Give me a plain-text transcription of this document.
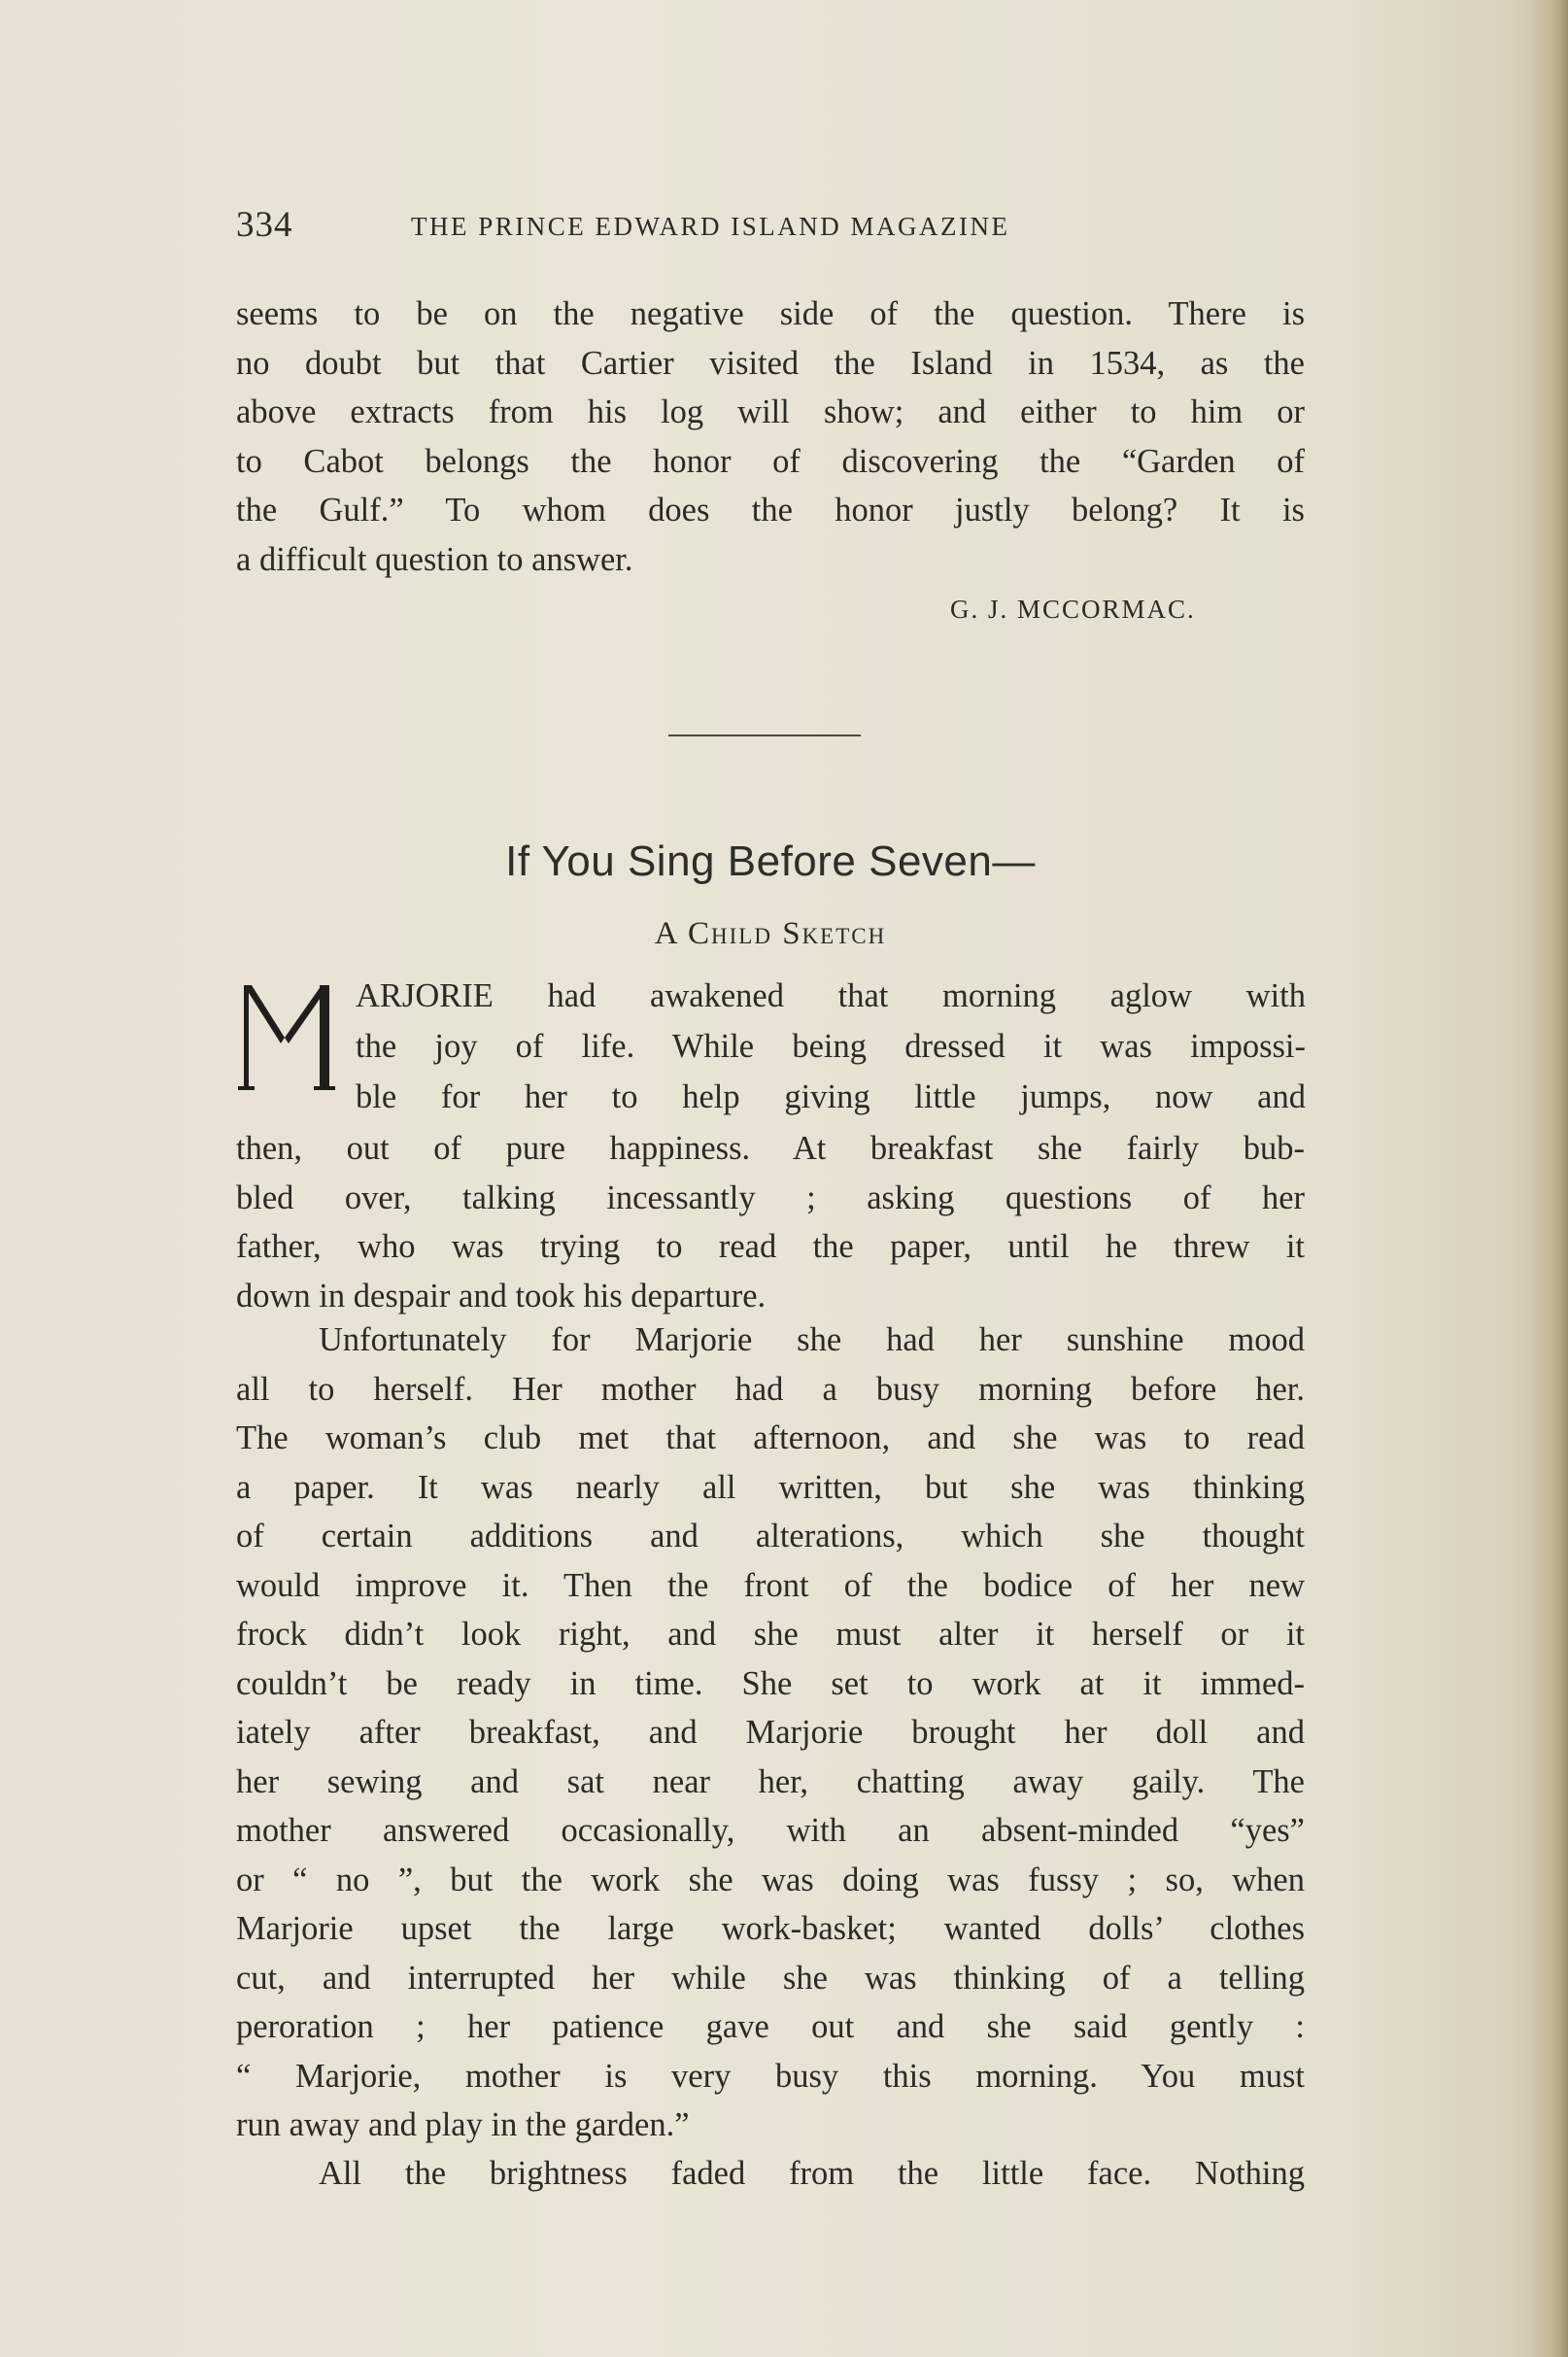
334	THE PRINCE EDWARD ISLAND MAGAZINE
seems to be on the negative side of the question. There is
no doubt but that Cartier visited the Island in 1534, as the
above extracts from his log will show; and either to him or
to Cabot belongs the honor of discovering the “Garden of
the Gulf.” To whom does the honor justly belong? It is
a difficult question to answer.
G. J. MCCORMAC.
If You Sing Before Seven—
A Child Sketch
M	ARJORIE had awakened that morning aglow with

the joy of life. While being dressed it was impossi-

ble for her to help giving little jumps, now and

then, out of pure happiness. At breakfast she fairly bub-
bled over, talking incessantly ; asking questions of her
father, who was trying to read the paper, until he threw it
down in despair and took his departure.
Unfortunately for Marjorie she had her sunshine mood
all to herself. Her mother had a busy morning before her.
The woman’s club met that afternoon, and she was to read
a paper. It was nearly all written, but she was thinking
of certain additions and alterations, which she thought
would improve it. Then the front of the bodice of her new
frock didn’t look right, and she must alter it herself or it
couldn’t be ready in time. She set to work at it immed-
iately after breakfast, and Marjorie brought her doll and
her sewing and sat near her, chatting away gaily. The
mother answered occasionally, with an absent-minded “yes”
or “ no ”, but the work she was doing was fussy ; so, when
Marjorie upset the large work-basket; wanted dolls’ clothes
cut, and interrupted her while she was thinking of a telling
peroration ; her patience gave out and she said gently :
“ Marjorie, mother is very busy this morning. You must
run away and play in the garden.”
All the brightness faded from the little face. Nothing
